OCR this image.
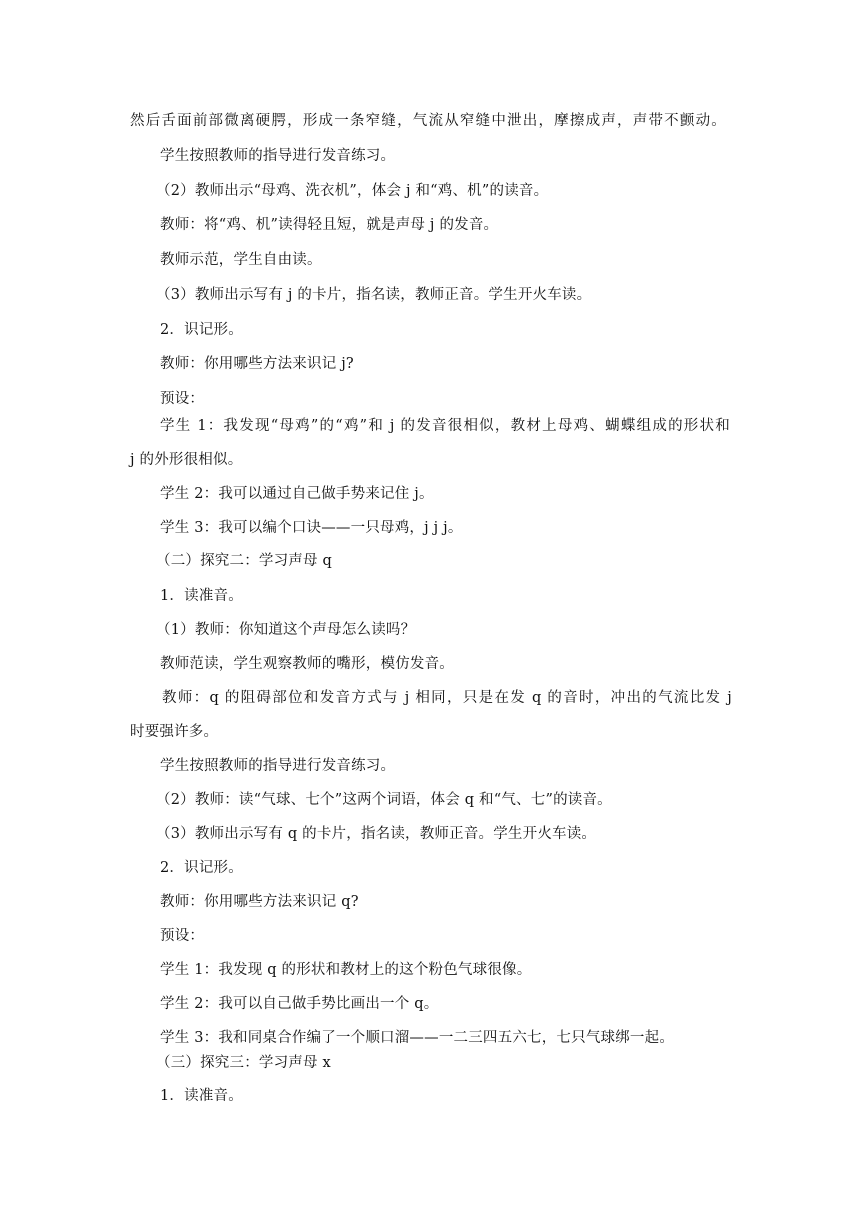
然后舌面前部微离硬腭，形成一条窄缝，气流从窄缝中泄出，摩擦成声，声带不颤动。
学生按照教师的指导进行发音练习。
（2）教师出示“母鸡、洗衣机”，体会 j 和“鸡、机”的读音。
教师：将“鸡、机”读得轻且短，就是声母 j 的发音。
教师示范，学生自由读。
（3）教师出示写有 j 的卡片，指名读，教师正音。学生开火车读。
2．识记形。
教师：你用哪些方法来识记 j?
预设：
学生 1：我发现“母鸡”的“鸡”和 j 的发音很相似，教材上母鸡、蝴蝶组成的形状和
j 的外形很相似。
学生 2：我可以通过自己做手势来记住 j。
学生 3：我可以编个口诀——一只母鸡，j j j。
（二）探究二：学习声母 q
1．读准音。
（1）教师：你知道这个声母怎么读吗？
教师范读，学生观察教师的嘴形，模仿发音。
教师：q 的阻碍部位和发音方式与 j 相同，只是在发 q 的音时，冲出的气流比发 j
时要强许多。
学生按照教师的指导进行发音练习。
（2）教师：读“气球、七个”这两个词语，体会 q 和“气、七”的读音。
（3）教师出示写有 q 的卡片，指名读，教师正音。学生开火车读。
2．识记形。
教师：你用哪些方法来识记 q?
预设：
学生 1：我发现 q 的形状和教材上的这个粉色气球很像。
学生 2：我可以自己做手势比画出一个 q。
学生 3：我和同桌合作编了一个顺口溜——一二三四五六七，七只气球绑一起。
（三）探究三：学习声母 x
1．读准音。
